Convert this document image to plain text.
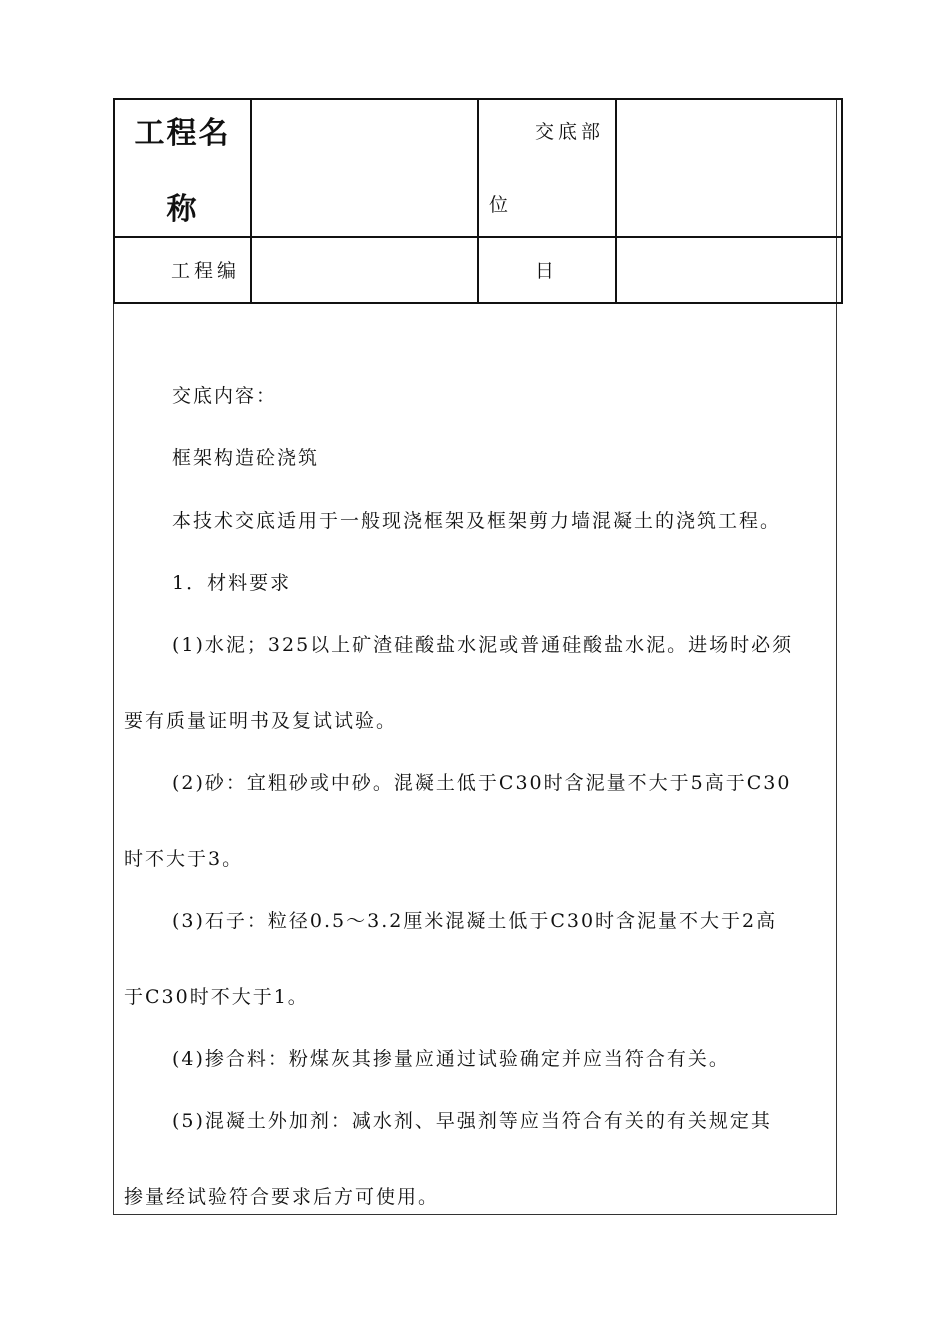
工程名
称		交底部
位	

工程编		日	

交底内容：
框架构造砼浇筑
本技术交底适用于一般现浇框架及框架剪力墙混凝土的浇筑工程。
1．材料要求
(1)水泥；325以上矿渣硅酸盐水泥或普通硅酸盐水泥。进场时必须
要有质量证明书及复试试验。
(2)砂：宜粗砂或中砂。混凝土低于C30时含泥量不大于5高于C30
时不大于3。
(3)石子：粒径0.5～3.2厘米混凝土低于C30时含泥量不大于2高
于C30时不大于1。
(4)掺合料：粉煤灰其掺量应通过试验确定并应当符合有关。
(5)混凝土外加剂：减水剂、早强剂等应当符合有关的有关规定其
掺量经试验符合要求后方可使用。
